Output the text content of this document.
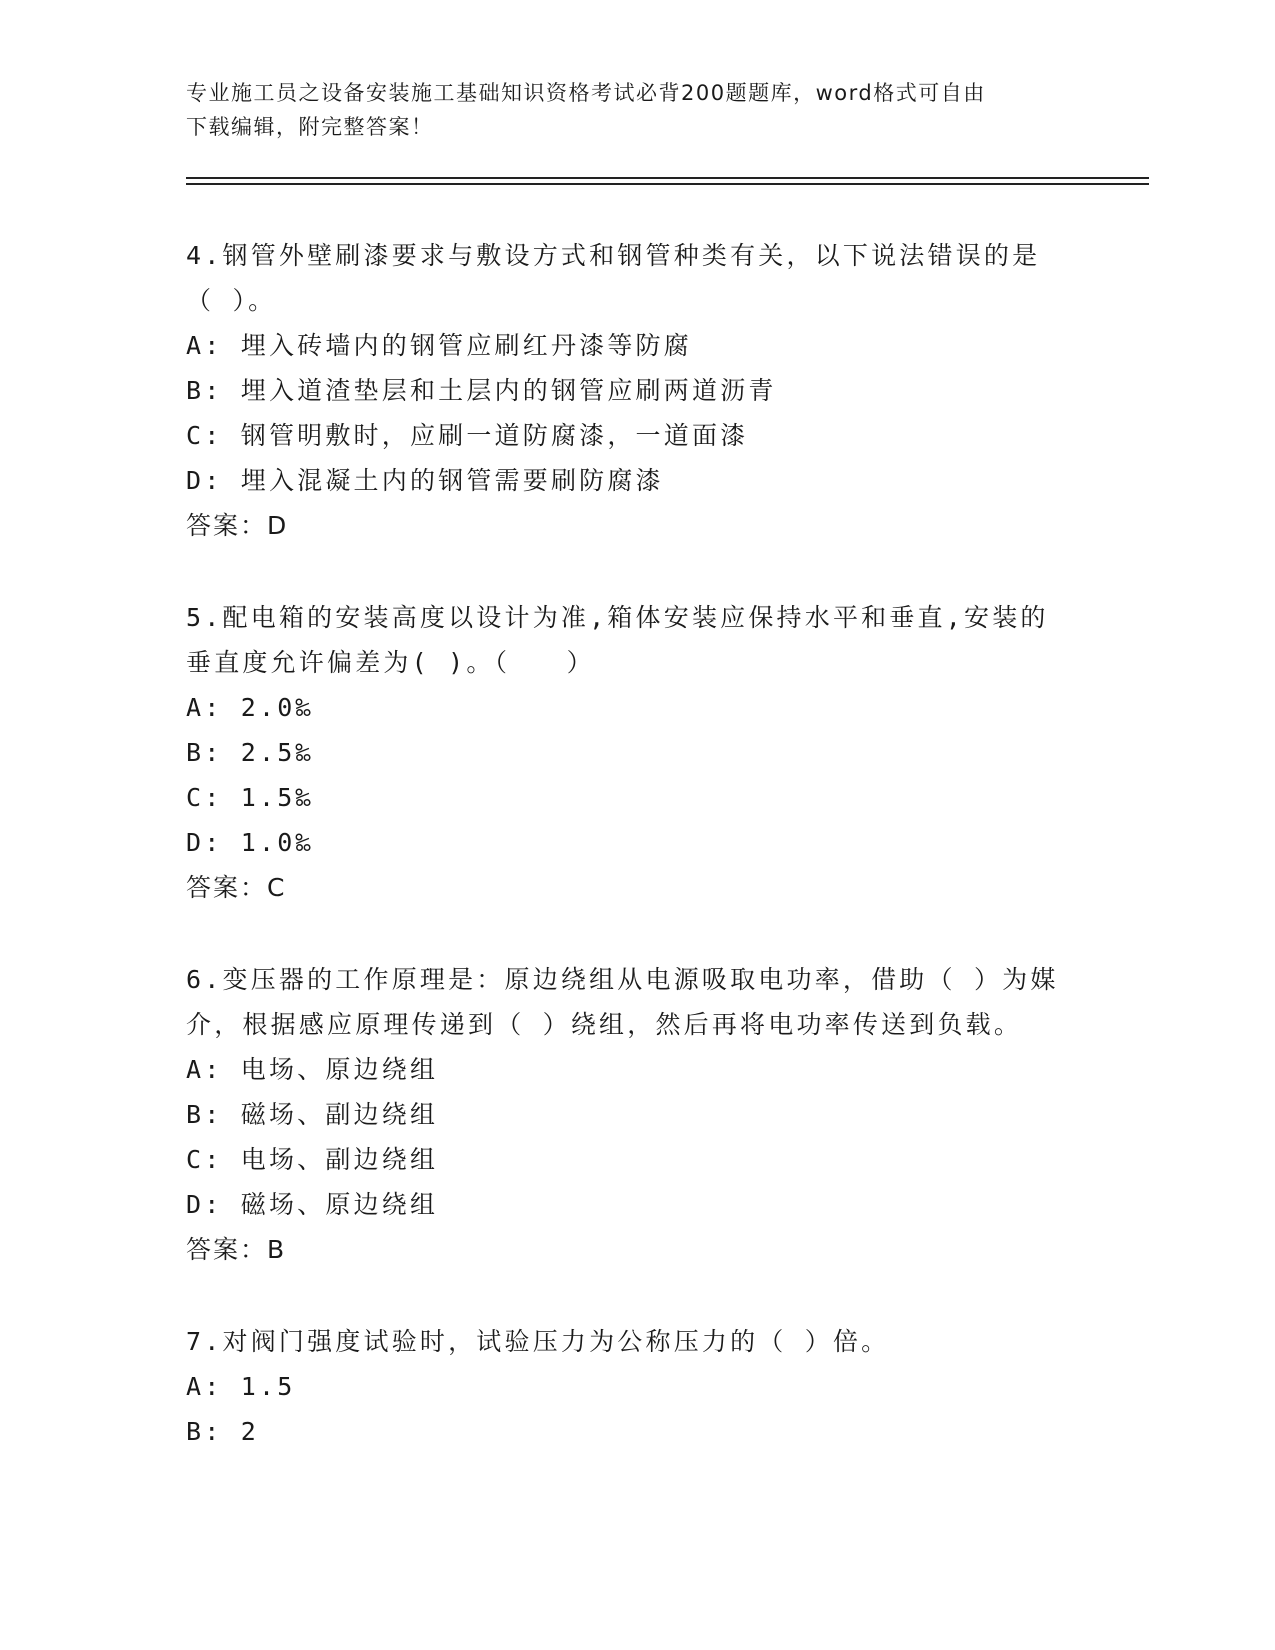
专业施工员之设备安装施工基础知识资格考试必背200题题库，word格式可自由
下载编辑，附完整答案！
4.钢管外壁刷漆要求与敷设方式和钢管种类有关，以下说法错误的是
（ ）。
A: 埋入砖墙内的钢管应刷红丹漆等防腐
B: 埋入道渣垫层和土层内的钢管应刷两道沥青
C: 钢管明敷时，应刷一道防腐漆，一道面漆
D: 埋入混凝土内的钢管需要刷防腐漆
答案：D
5.配电箱的安装高度以设计为准,箱体安装应保持水平和垂直,安装的
垂直度允许偏差为( )。（　　）
A: 2.0‰
B: 2.5‰
C: 1.5‰
D: 1.0‰
答案：C
6.变压器的工作原理是：原边绕组从电源吸取电功率，借助（ ）为媒
介，根据感应原理传递到（ ）绕组，然后再将电功率传送到负载。
A: 电场、原边绕组
B: 磁场、副边绕组
C: 电场、副边绕组
D: 磁场、原边绕组
答案：B
7.对阀门强度试验时，试验压力为公称压力的（ ）倍。
A: 1.5
B: 2
